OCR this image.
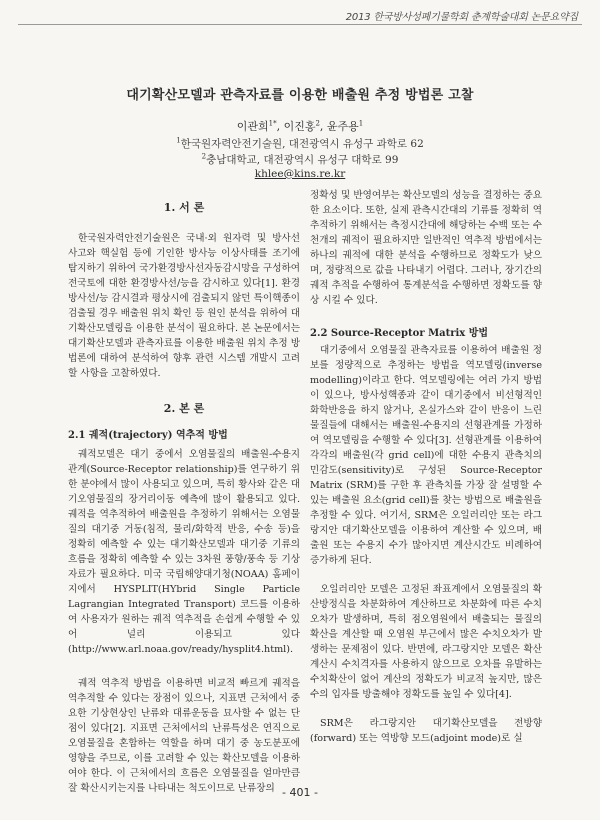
2013 한국방사성폐기물학회 춘계학술대회 논문요약집
대기확산모델과 관측자료를 이용한 배출원 추정 방법론 고찰
이관희$^{1*}$, 이진홍$^2$, 윤주용$^1$
$^1$한국원자력안전기술원, 대전광역시 유성구 과학로 62
$^2$충남대학교, 대전광역시 유성구 대학로 99
khlee@kins.re.kr
1. 서 론

한국원자력안전기술원은 국내·외 원자력 및 방사선 사고와 핵실험 등에 기인한 방사능 이상사태를 조기에 탐지하기 위하여 국가환경방사선자동감시망을 구성하여 전국토에 대한 환경방사선/능을 감시하고 있다[1]. 환경방사선/능 감시결과 평상시에 검출되지 않던 특이핵종이 검출될 경우 배출원 위치 확인 등 원인 분석을 위하여 대기확산모델링을 이용한 분석이 필요하다. 본 논문에서는 대기확산모델과 관측자료를 이용한 배출원 위치 추정 방법론에 대하여 분석하여 향후 관련 시스템 개발시 고려할 사항을 고찰하였다.

2. 본 론
2.1 궤적(trajectory) 역추적 방법

궤적모델은 대기 중에서 오염물질의 배출원-수용지 관계(Source-Receptor relationship)를 연구하기 위한 분야에서 많이 사용되고 있으며, 특히 황사와 같은 대기오염물질의 장거리이동 예측에 많이 활용되고 있다. 궤적을 역추적하여 배출원을 추정하기 위해서는 오염물질의 대기중 거동(침적, 물리/화학적 반응, 수송 등)을 정확히 예측할 수 있는 대기확산모델과 대기중 기류의 흐름을 정확히 예측할 수 있는 3차원 풍향/풍속 등 기상자료가 필요하다. 미국 국립해양대기청(NOAA) 홈페이지에서 HYSPLIT(HYbrid Single Particle Lagrangian Integrated Transport) 코드를 이용하여 사용자가 원하는 궤적 역추적을 손쉽게 수행할 수 있어 널리 이용되고 있다(http://www.arl.noaa.gov/ready/hysplit4.html).

궤적 역추적 방법을 이용하면 비교적 빠르게 궤적을 역추적할 수 있다는 장점이 있으나, 지표면 근처에서 중요한 기상현상인 난류와 대류운동을 묘사할 수 없는 단점이 있다[2]. 지표면 근처에서의 난류특성은 연직으로 오염물질을 혼합하는 역할을 하며 대기 중 농도분포에 영향을 주므로, 이를 고려할 수 있는 확산모델을 이용하여야 한다. 이 근처에서의 흐름은 오염물질을 얼마만큼 잘 확산시키는지를 나타내는 척도이므로 난류장의

정확성 및 반영여부는 확산모델의 성능을 결정하는 중요한 요소이다. 또한, 실제 관측시간대의 기류를 정확히 역추적하기 위해서는 측정시간대에 해당하는 수백 또는 수천개의 궤적이 필요하지만 일반적인 역추적 방법에서는 하나의 궤적에 대한 분석을 수행하므로 정확도가 낮으며, 정량적으로 값을 나타내기 어렵다. 그러나, 장기간의 궤적 추적을 수행하여 통계분석을 수행하면 정확도를 향상 시킬 수 있다.

2.2 Source-Receptor Matrix 방법

대기중에서 오염물질 관측자료를 이용하여 배출원 정보를 정량적으로 추정하는 방법을 역모델링(inverse modelling)이라고 한다. 역모델링에는 여러 가지 방법이 있으나, 방사성핵종과 같이 대기중에서 비선형적인 화학반응을 하지 않거나, 온실가스와 같이 반응이 느린 물질들에 대해서는 배출원-수용지의 선형관계를 가정하여 역모델링을 수행할 수 있다[3]. 선형관계를 이용하여 각각의 배출원(각 grid cell)에 대한 수용지 관측치의 민감도(sensitivity)로 구성된 Source-Receptor Matrix (SRM)를 구한 후 관측치를 가장 잘 설명할 수 있는 배출원 요소(grid cell)를 찾는 방법으로 배출원을 추정할 수 있다. 여기서, SRM은 오일러리안 또는 라그랑지안 대기확산모델을 이용하여 계산할 수 있으며, 배출원 또는 수용지 수가 많아지면 계산시간도 비례하여 증가하게 된다.

오일러리안 모델은 고정된 좌표계에서 오염물질의 확산방정식을 차분화하여 계산하므로 차분화에 따른 수치오차가 발생하며, 특히 점오염원에서 배출되는 물질의 확산을 계산할 때 오염원 부근에서 많은 수치오차가 발생하는 문제점이 있다. 반면에, 라그랑지안 모델은 확산계산시 수치격자를 사용하지 않으므로 오차를 유발하는 수치확산이 없어 계산의 정확도가 비교적 높지만, 많은 수의 입자를 방출해야 정확도를 높일 수 있다[4].

SRM은 라그랑지안 대기확산모델을 전방향(forward) 또는 역방향 모드(adjoint mode)로 실

- 401 -
